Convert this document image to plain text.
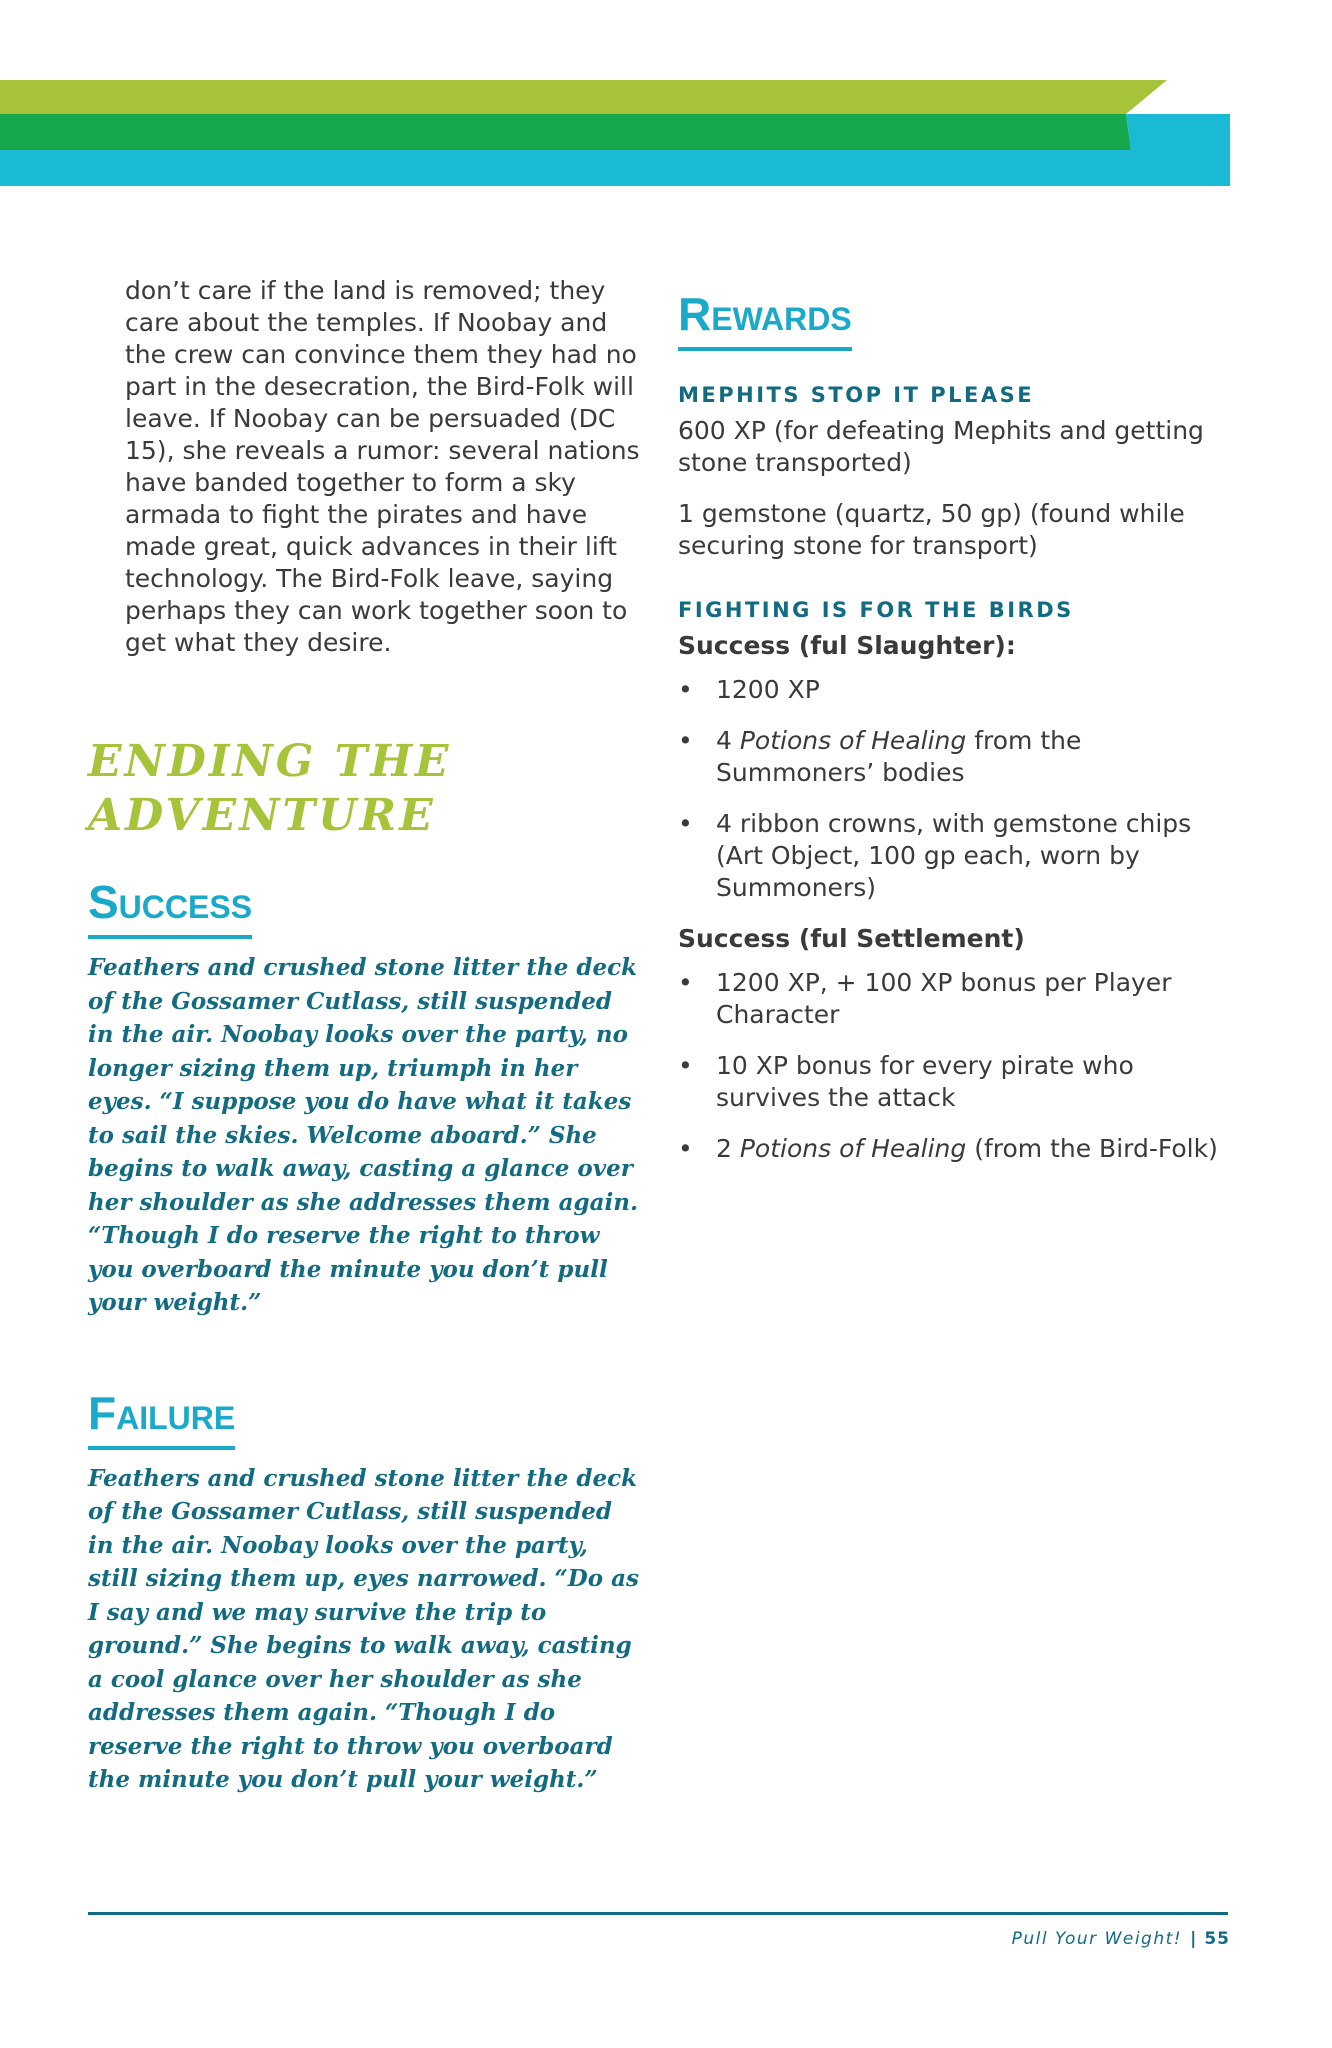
don’t care if the land is removed; they care about the temples. If Noobay and the crew can convince them they had no part in the desecration, the Bird-Folk will leave. If Noobay can be persuaded (DC 15), she reveals a rumor: several nations have banded together to form a sky armada to fight the pirates and have made great, quick advances in their lift technology. The Bird-Folk leave, saying perhaps they can work together soon to get what they desire.

ENDING THE ADVENTURE
Success

Feathers and crushed stone litter the deck of the Gossamer Cutlass, still suspended in the air. Noobay looks over the party, no longer sizing them up, triumph in her eyes. “I suppose you do have what it takes to sail the skies. Welcome aboard.” She begins to walk away, casting a glance over her shoulder as she addresses them again. “Though I do reserve the right to throw you overboard the minute you don’t pull your weight.”

Failure

Feathers and crushed stone litter the deck of the Gossamer Cutlass, still suspended in the air. Noobay looks over the party, still sizing them up, eyes narrowed. “Do as I say and we may survive the trip to ground.” She begins to walk away, casting a cool glance over her shoulder as she addresses them again. “Though I do reserve the right to throw you overboard the minute you don’t pull your weight.”

Rewards
MEPHITS STOP IT PLEASE

600 XP (for defeating Mephits and getting stone transported)

1 gemstone (quartz, 50 gp) (found while securing stone for transport)

FIGHTING IS FOR THE BIRDS

Success (ful Slaughter):

• 1200 XP
• 4 Potions of Healing from the Summoners’ bodies
• 4 ribbon crowns, with gemstone chips (Art Object, 100 gp each, worn by Summoners)

Success (ful Settlement)

• 1200 XP, + 100 XP bonus per Player Character
• 10 XP bonus for every pirate who survives the attack
• 2 Potions of Healing (from the Bird-Folk)
Pull Your Weight! | 55
